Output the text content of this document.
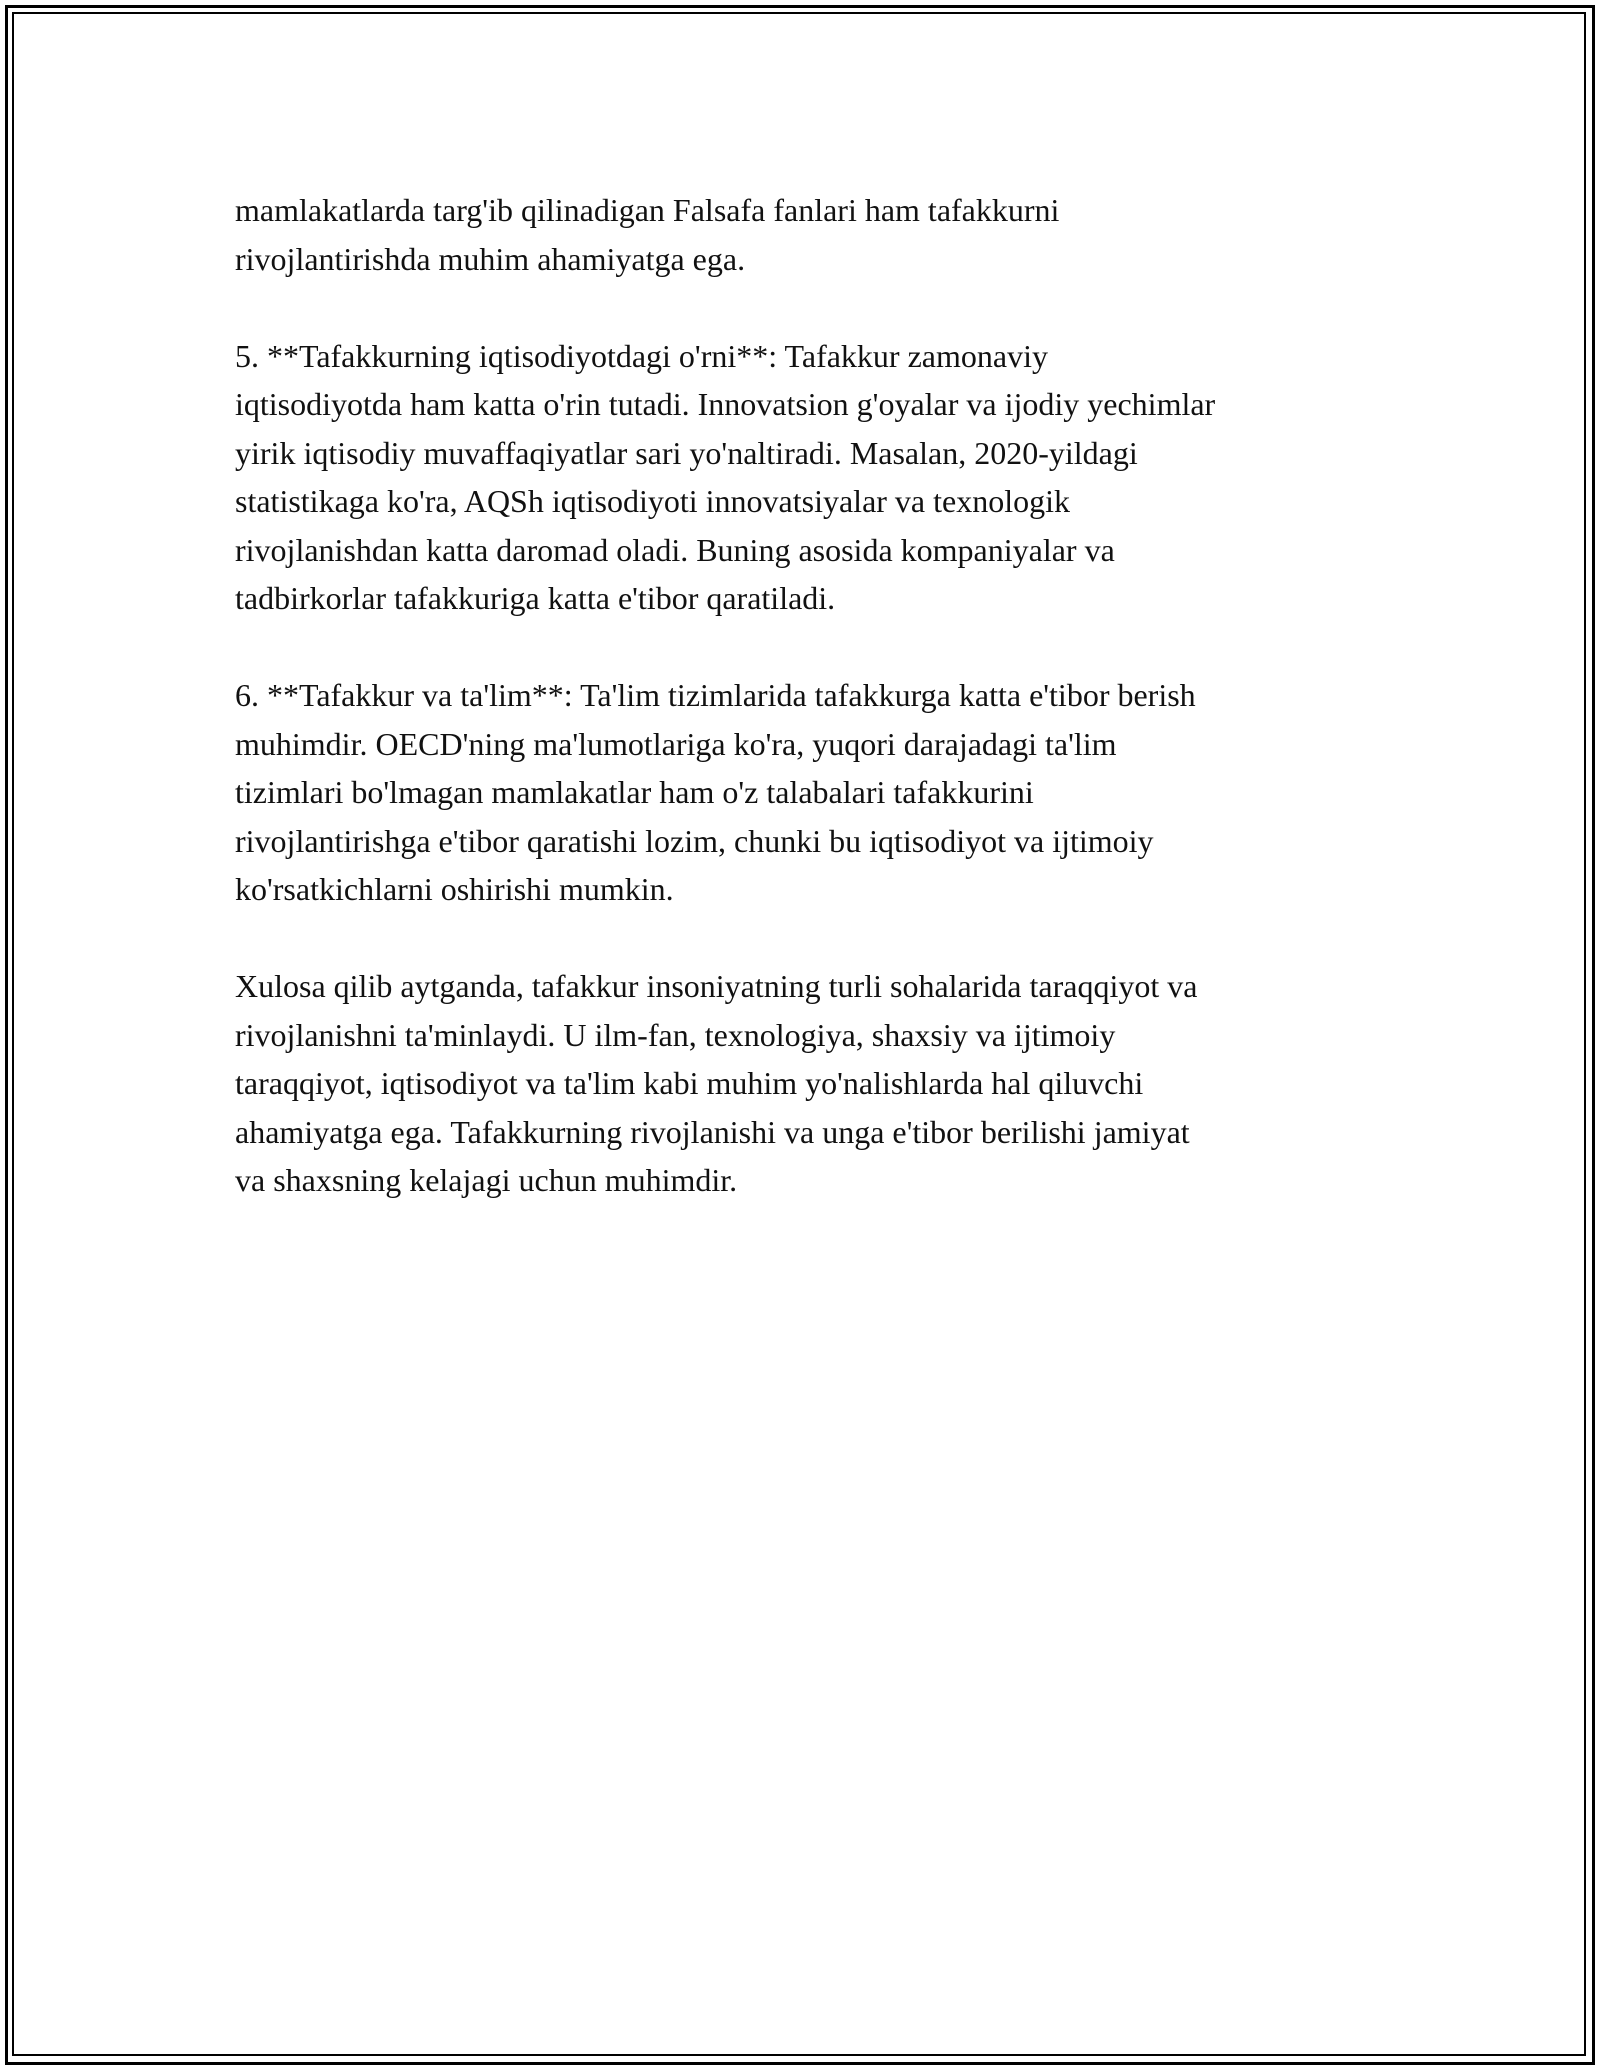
mamlakatlarda targ'ib qilinadigan Falsafa fanlari ham tafakkurni
rivojlantirishda muhim ahamiyatga ega.

5. **Tafakkurning iqtisodiyotdagi o'rni**: Tafakkur zamonaviy
iqtisodiyotda ham katta o'rin tutadi. Innovatsion g'oyalar va ijodiy yechimlar
yirik iqtisodiy muvaffaqiyatlar sari yo'naltiradi. Masalan, 2020-yildagi
statistikaga ko'ra, AQSh iqtisodiyoti innovatsiyalar va texnologik
rivojlanishdan katta daromad oladi. Buning asosida kompaniyalar va
tadbirkorlar tafakkuriga katta e'tibor qaratiladi.

6. **Tafakkur va ta'lim**: Ta'lim tizimlarida tafakkurga katta e'tibor berish
muhimdir. OECD'ning ma'lumotlariga ko'ra, yuqori darajadagi ta'lim
tizimlari bo'lmagan mamlakatlar ham o'z talabalari tafakkurini
rivojlantirishga e'tibor qaratishi lozim, chunki bu iqtisodiyot va ijtimoiy
ko'rsatkichlarni oshirishi mumkin.

Xulosa qilib aytganda, tafakkur insoniyatning turli sohalarida taraqqiyot va
rivojlanishni ta'minlaydi. U ilm-fan, texnologiya, shaxsiy va ijtimoiy
taraqqiyot, iqtisodiyot va ta'lim kabi muhim yo'nalishlarda hal qiluvchi
ahamiyatga ega. Tafakkurning rivojlanishi va unga e'tibor berilishi jamiyat
va shaxsning kelajagi uchun muhimdir.
